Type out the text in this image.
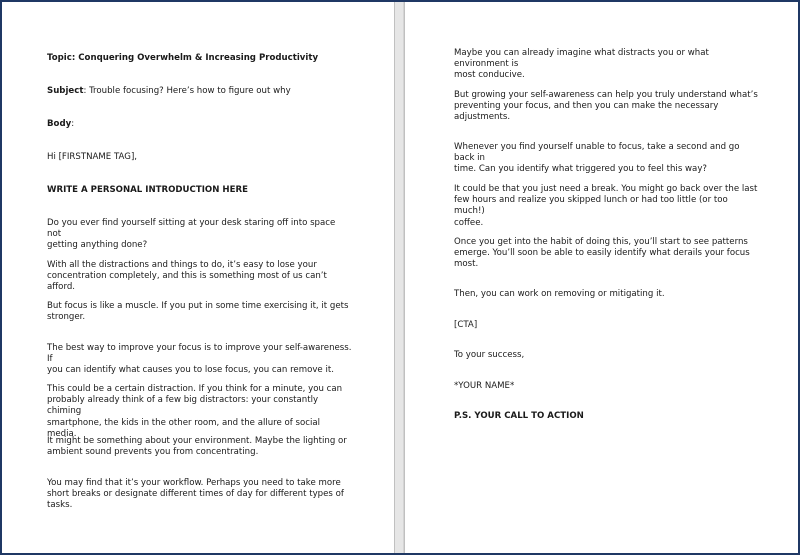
Topic: Conquering Overwhelm & Increasing Productivity

Subject: Trouble focusing? Here’s how to figure out why

Body:

Hi [FIRSTNAME TAG],

WRITE A PERSONAL INTRODUCTION HERE

Do you ever find yourself sitting at your desk staring off into space not
getting anything done?

With all the distractions and things to do, it’s easy to lose your
concentration completely, and this is something most of us can’t afford.

But focus is like a muscle. If you put in some time exercising it, it gets
stronger.

The best way to improve your focus is to improve your self-awareness. If
you can identify what causes you to lose focus, you can remove it.

This could be a certain distraction. If you think for a minute, you can
probably already think of a few big distractors: your constantly chiming
smartphone, the kids in the other room, and the allure of social media.

It might be something about your environment. Maybe the lighting or
ambient sound prevents you from concentrating.

You may find that it’s your workflow. Perhaps you need to take more
short breaks or designate different times of day for different types of
tasks.

Maybe you can already imagine what distracts you or what environment is
most conducive.

But growing your self-awareness can help you truly understand what’s
preventing your focus, and then you can make the necessary
adjustments.

Whenever you find yourself unable to focus, take a second and go back in
time. Can you identify what triggered you to feel this way?

It could be that you just need a break. You might go back over the last
few hours and realize you skipped lunch or had too little (or too much!)
coffee.

Once you get into the habit of doing this, you’ll start to see patterns
emerge. You’ll soon be able to easily identify what derails your focus
most.

Then, you can work on removing or mitigating it.

[CTA]

To your success,

*YOUR NAME*

P.S. YOUR CALL TO ACTION
